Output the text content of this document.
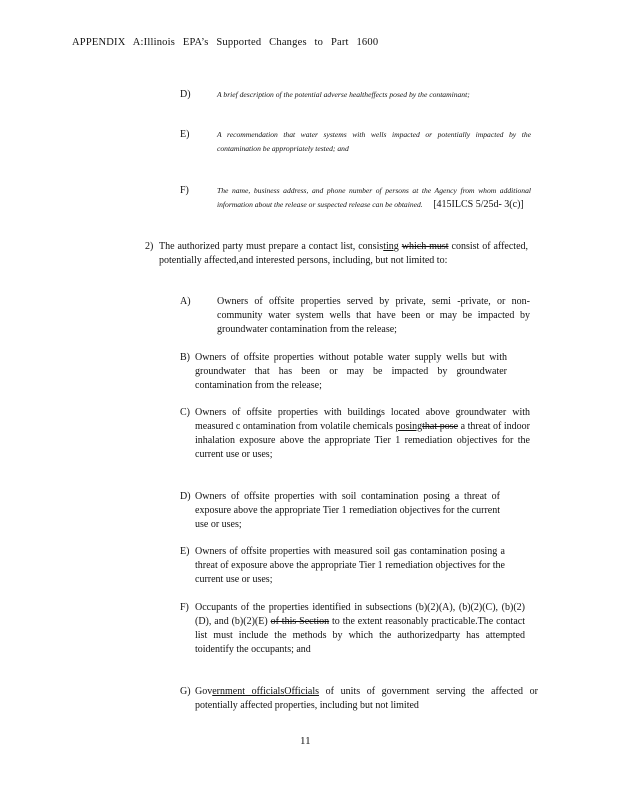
APPENDIX A:Illinois EPA’s Supported Changes to Part 1600
D)	A brief description of the potential adverse healtheffects posed by the contaminant;
E)	A recommendation that water systems with wells impacted or potentially impacted by the contamination be appropriately tested; and
F)	The name, business address, and phone number of persons at the Agency from whom additional information about the release or suspected release can be obtained. [415ILCS 5/25d- 3(c)]
2) The authorized party must prepare a contact list, consisting which must consist of affected, potentially affected,and interested persons, including, but not limited to:
A)	Owners of offsite properties served by private, semi -private, or non-community water system wells that have been or may be impacted by groundwater contamination from the release;
B) Owners of offsite properties without potable water supply wells but with groundwater that has been or may be impacted by groundwater contamination from the release;
C) Owners of offsite properties with buildings located above groundwater with measured c ontamination from volatile chemicals posingthat pose a threat of indoor inhalation exposure above the appropriate Tier 1 remediation objectives for the current use or uses;
D) Owners of offsite properties with soil contamination posing a threat of exposure above the appropriate Tier 1 remediation objectives for the current use or uses;
E) Owners of offsite properties with measured soil gas contamination posing a threat of exposure above the appropriate Tier 1 remediation objectives for the current use or uses;
F) Occupants of the properties identified in subsections (b)(2)(A), (b)(2)(C), (b)(2)(D), and (b)(2)(E) of this Section to the extent reasonably practicable.The contact list must include the methods by which the authorizedparty has attempted toidentify the occupants; and
G) Government officialsOfficials of units of government serving the affected or potentially affected properties, including but not limited
11
